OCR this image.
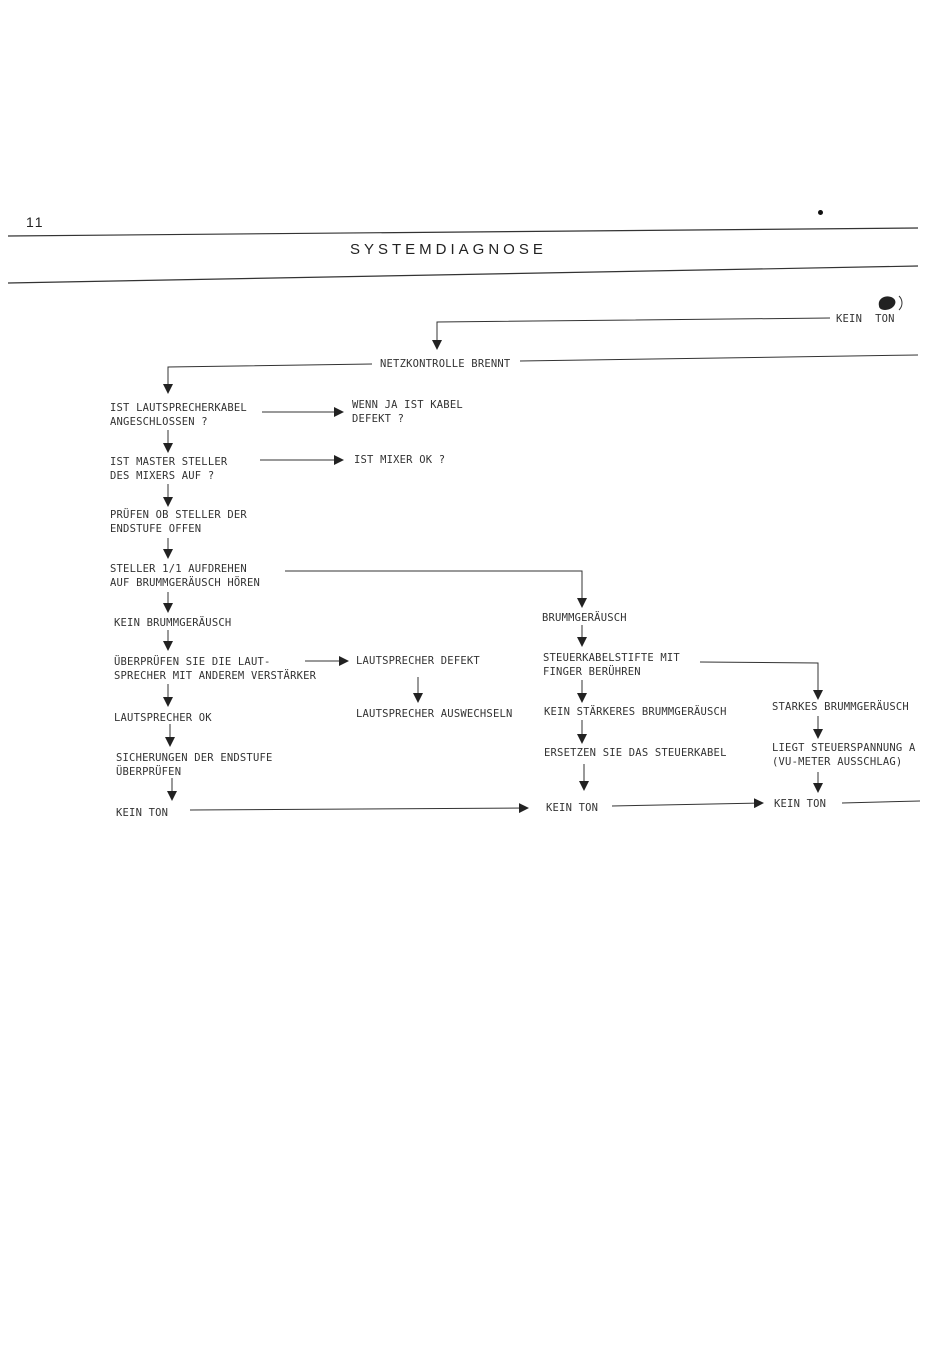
11
SYSTEMDIAGNOSE
KEIN  TON
NETZKONTROLLE BRENNT
IST LAUTSPRECHERKABEL
ANGESCHLOSSEN ?
WENN JA IST KABEL
DEFEKT ?
IST MASTER STELLER
DES MIXERS AUF ?
IST MIXER OK ?
PRÜFEN OB STELLER DER
ENDSTUFE OFFEN
STELLER 1/1 AUFDREHEN
AUF BRUMMGERÄUSCH HÖREN
KEIN BRUMMGERÄUSCH	BRUMMGERÄUSCH
ÜBERPRÜFEN SIE DIE LAUT-
SPRECHER MIT ANDEREM VERSTÄRKER
LAUTSPRECHER DEFEKT	STEUERKABELSTIFTE MIT
FINGER BERÜHREN
LAUTSPRECHER OK	LAUTSPRECHER AUSWECHSELN	KEIN STÄRKERES BRUMMGERÄUSCH	STARKES BRUMMGERÄUSCH
SICHERUNGEN DER ENDSTUFE
ÜBERPRÜFEN
ERSETZEN SIE DAS STEUERKABEL	LIEGT STEUERSPANNUNG A
(VU-METER AUSSCHLAG)
KEIN TON	KEIN TON	KEIN TON
